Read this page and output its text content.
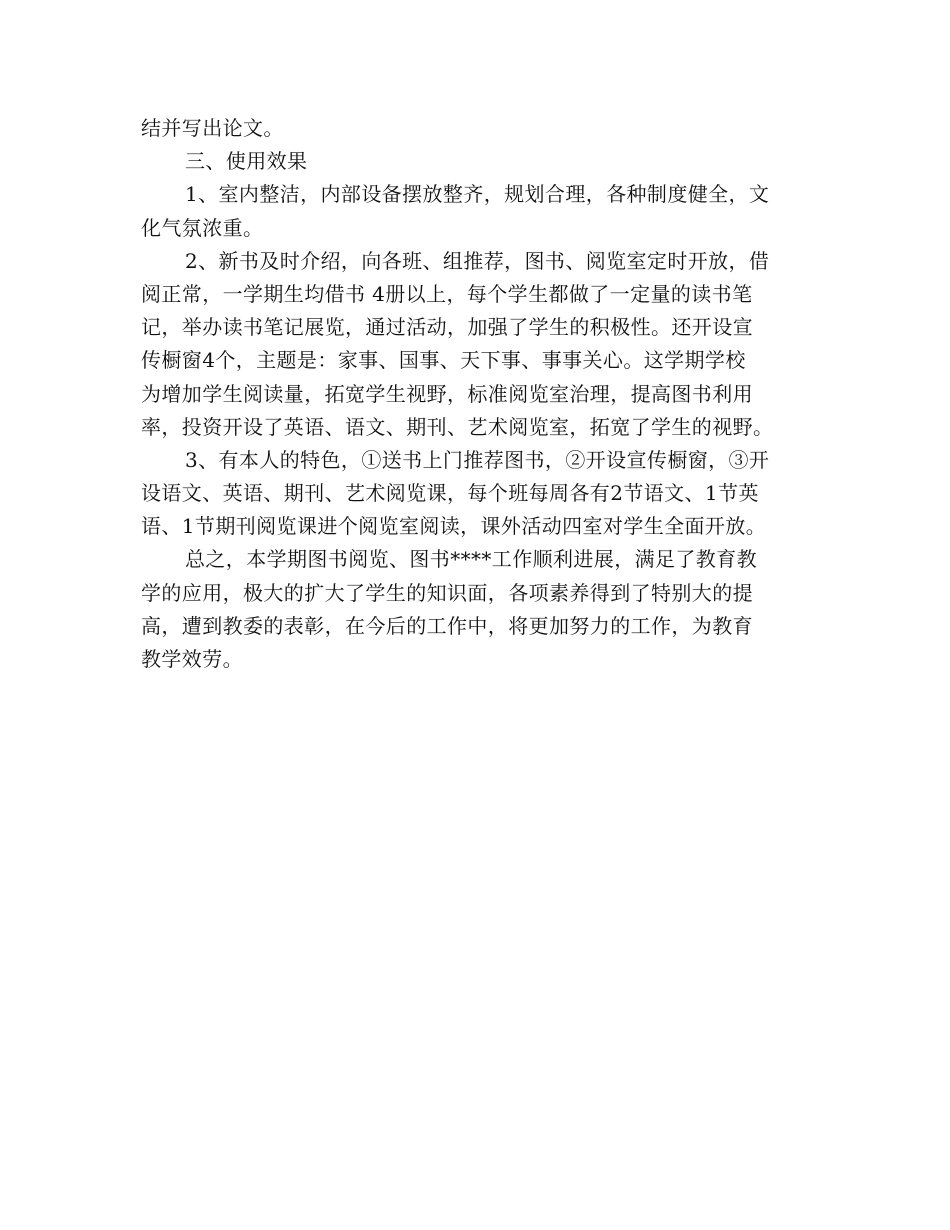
结并写出论文。
三、使用效果
1、室内整洁，内部设备摆放整齐，规划合理，各种制度健全，文
化气氛浓重。
2、新书及时介绍，向各班、组推荐，图书、阅览室定时开放，借
阅正常，一学期生均借书 4册以上，每个学生都做了一定量的读书笔
记，举办读书笔记展览，通过活动，加强了学生的积极性。还开设宣
传橱窗4个，主题是：家事、国事、天下事、事事关心。这学期学校
为增加学生阅读量，拓宽学生视野，标准阅览室治理，提高图书利用
率，投资开设了英语、语文、期刊、艺术阅览室，拓宽了学生的视野。
3、有本人的特色，①送书上门推荐图书，②开设宣传橱窗，③开
设语文、英语、期刊、艺术阅览课，每个班每周各有2节语文、1节英
语、1节期刊阅览课进个阅览室阅读，课外活动四室对学生全面开放。
总之，本学期图书阅览、图书****工作顺利进展，满足了教育教
学的应用，极大的扩大了学生的知识面，各项素养得到了特别大的提
高，遭到教委的表彰，在今后的工作中，将更加努力的工作，为教育
教学效劳。
